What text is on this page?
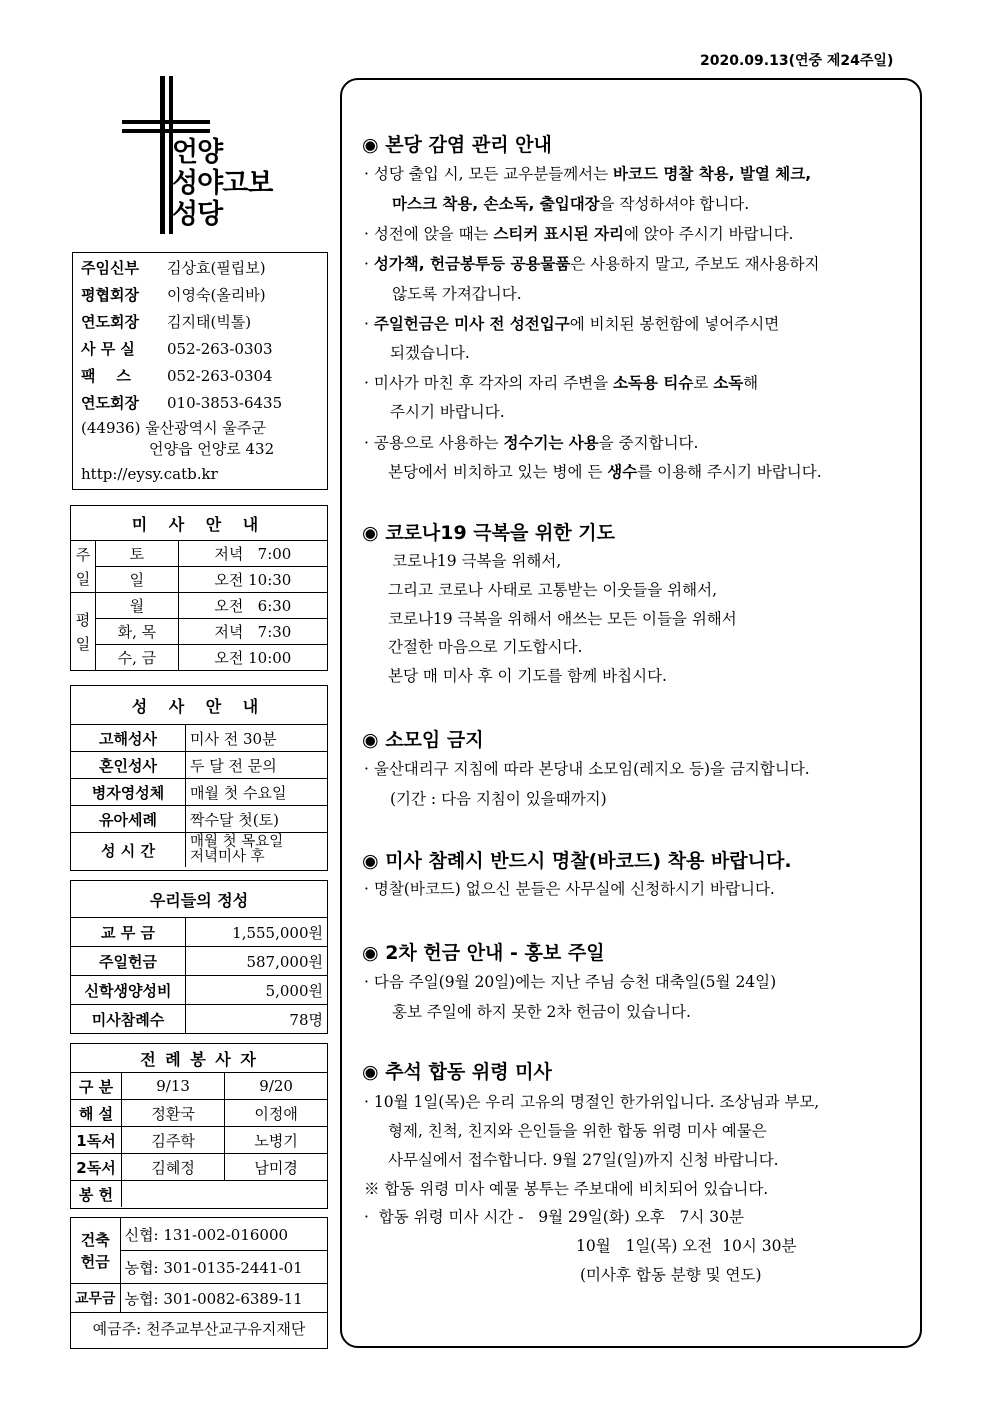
2020.09.13(연중 제24주일)
언양
성야고보
성당
주임신부	김상효(필립보)
평협회장	이영숙(올리바)
연도회장	김지태(빅톨)
사 무 실	052-263-0303
팩    스	052-263-0304
연도회장	010-3853-6435
(44936) 울산광역시 울주군
언양읍 언양로 432
http://eysy.catb.kr
미 사 안 내		
주
일	토	저녁   7:00
	일	오전 10:30
평
일	월	오전   6:30
	화, 목	저녁   7:30
	수, 금	오전 10:00
성 사 안 내	
고해성사	미사 전 30분
혼인성사	두 달 전 문의
병자영성체	매월 첫 수요일
유아세례	짝수달 첫(토)
성 시 간	매월 첫 목요일
저녁미사 후
우리들의 정성	
교 무 금	1,555,000원
주일헌금	587,000원
신학생양성비	5,000원
미사참례수	78명
전 례 봉 사 자		
구 분	9/13	9/20
해 설	정환국	이정애
1독서	김주학	노병기
2독서	김혜정	남미경
봉 헌		
건축
헌금	신협: 131-002-016000
	농협: 301-0135-2441-01
교무금	농협: 301-0082-6389-11
예금주: 천주교부산교구유지재단	
◉ 본당 감염 관리 안내
· 성당 출입 시, 모든 교우분들께서는 바코드 명찰 착용, 발열 체크,
마스크 착용, 손소독, 출입대장을 작성하셔야 합니다.
· 성전에 앉을 때는 스티커 표시된 자리에 앉아 주시기 바랍니다.
· 성가책, 헌금봉투등 공용물품은 사용하지 말고, 주보도 재사용하지
않도록 가져갑니다.
· 주일헌금은 미사 전 성전입구에 비치된 봉헌함에 넣어주시면
되겠습니다.
· 미사가 마친 후 각자의 자리 주변을 소독용 티슈로 소독해
주시기 바랍니다.
· 공용으로 사용하는 정수기는 사용을 중지합니다.
본당에서 비치하고 있는 병에 든 생수를 이용해 주시기 바랍니다.
◉ 코로나19 극복을 위한 기도
코로나19 극복을 위해서,
그리고 코로나 사태로 고통받는 이웃들을 위해서,
코로나19 극복을 위해서 애쓰는 모든 이들을 위해서
간절한 마음으로 기도합시다.
본당 매 미사 후 이 기도를 함께 바칩시다.
◉ 소모임 금지
· 울산대리구 지침에 따라 본당내 소모임(레지오 등)을 금지합니다.
(기간 : 다음 지침이 있을때까지)
◉ 미사 참례시 반드시 명찰(바코드) 착용 바랍니다.
· 명찰(바코드) 없으신 분들은 사무실에 신청하시기 바랍니다.
◉ 2차 헌금 안내 - 홍보 주일
· 다음 주일(9월 20일)에는 지난 주님 승천 대축일(5월 24일)
홍보 주일에 하지 못한 2차 헌금이 있습니다.
◉ 추석 합동 위령 미사
· 10월 1일(목)은 우리 고유의 명절인 한가위입니다. 조상님과 부모,
형제, 친척, 친지와 은인들을 위한 합동 위령 미사 예물은
사무실에서 접수합니다. 9월 27일(일)까지 신청 바랍니다.
※ 합동 위령 미사 예물 봉투는 주보대에 비치되어 있습니다.
·  합동 위령 미사 시간 -   9월 29일(화) 오후   7시 30분
10월   1일(목) 오전  10시 30분
(미사후 합동 분향 및 연도)
